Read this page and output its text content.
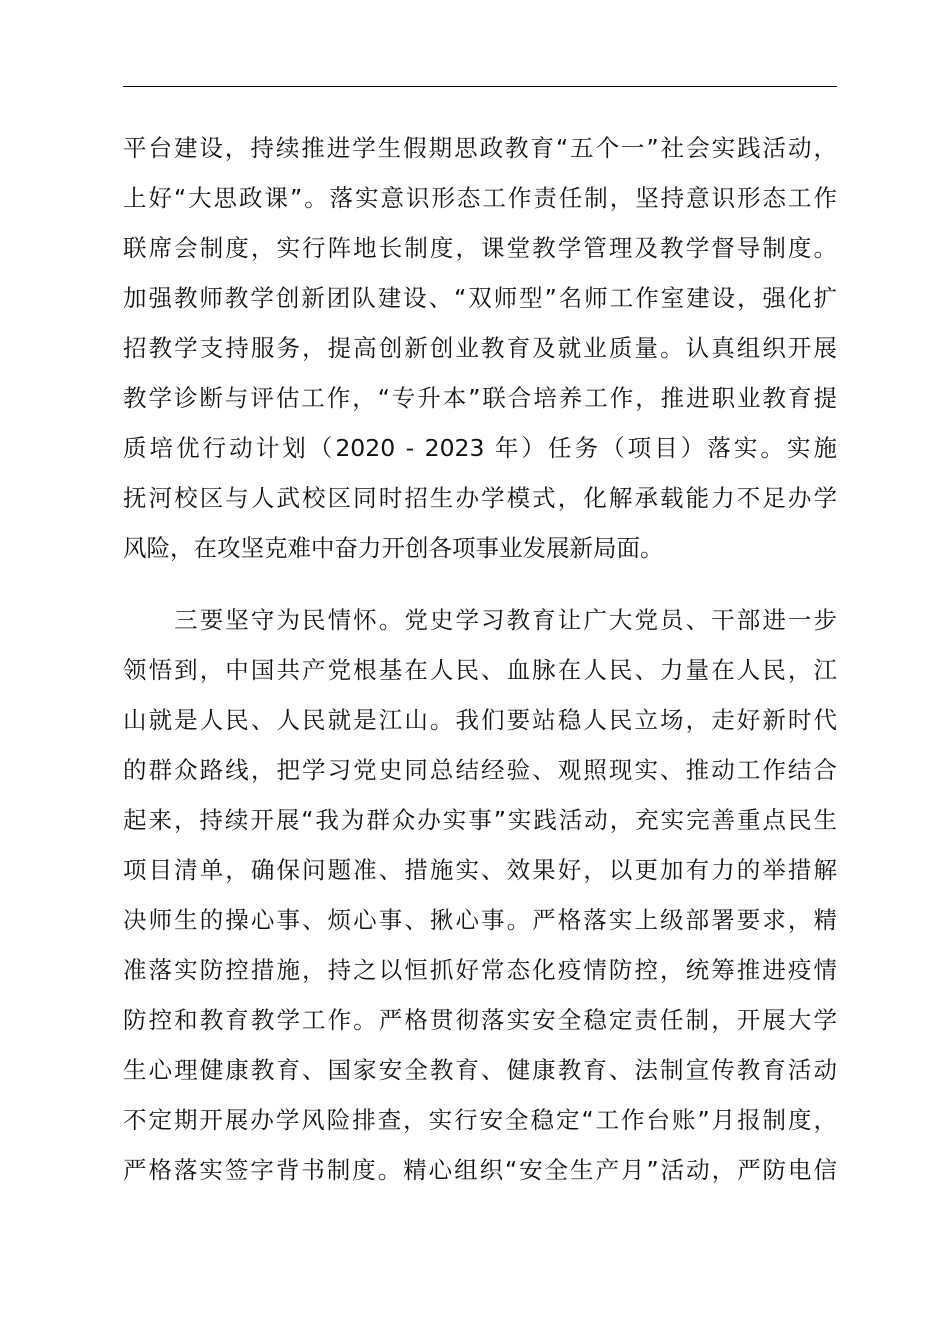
平台建设，持续推进学生假期思政教育“五个一”社会实践活动，
上好“大思政课”。落实意识形态工作责任制，坚持意识形态工作
联席会制度，实行阵地长制度，课堂教学管理及教学督导制度。
加强教师教学创新团队建设、“双师型”名师工作室建设，强化扩
招教学支持服务，提高创新创业教育及就业质量。认真组织开展
教学诊断与评估工作，“专升本”联合培养工作，推进职业教育提
质培优行动计划（2020 - 2023 年）任务（项目）落实。实施
抚河校区与人武校区同时招生办学模式，化解承载能力不足办学
风险，在攻坚克难中奋力开创各项事业发展新局面。
　　三要坚守为民情怀。党史学习教育让广大党员、干部进一步
领悟到，中国共产党根基在人民、血脉在人民、力量在人民，江
山就是人民、人民就是江山。我们要站稳人民立场，走好新时代
的群众路线，把学习党史同总结经验、观照现实、推动工作结合
起来，持续开展“我为群众办实事”实践活动，充实完善重点民生
项目清单，确保问题准、措施实、效果好，以更加有力的举措解
决师生的操心事、烦心事、揪心事。严格落实上级部署要求，精
准落实防控措施，持之以恒抓好常态化疫情防控，统筹推进疫情
防控和教育教学工作。严格贯彻落实安全稳定责任制，开展大学
生心理健康教育、国家安全教育、健康教育、法制宣传教育活动
不定期开展办学风险排查，实行安全稳定“工作台账”月报制度，
严格落实签字背书制度。精心组织“安全生产月”活动，严防电信
